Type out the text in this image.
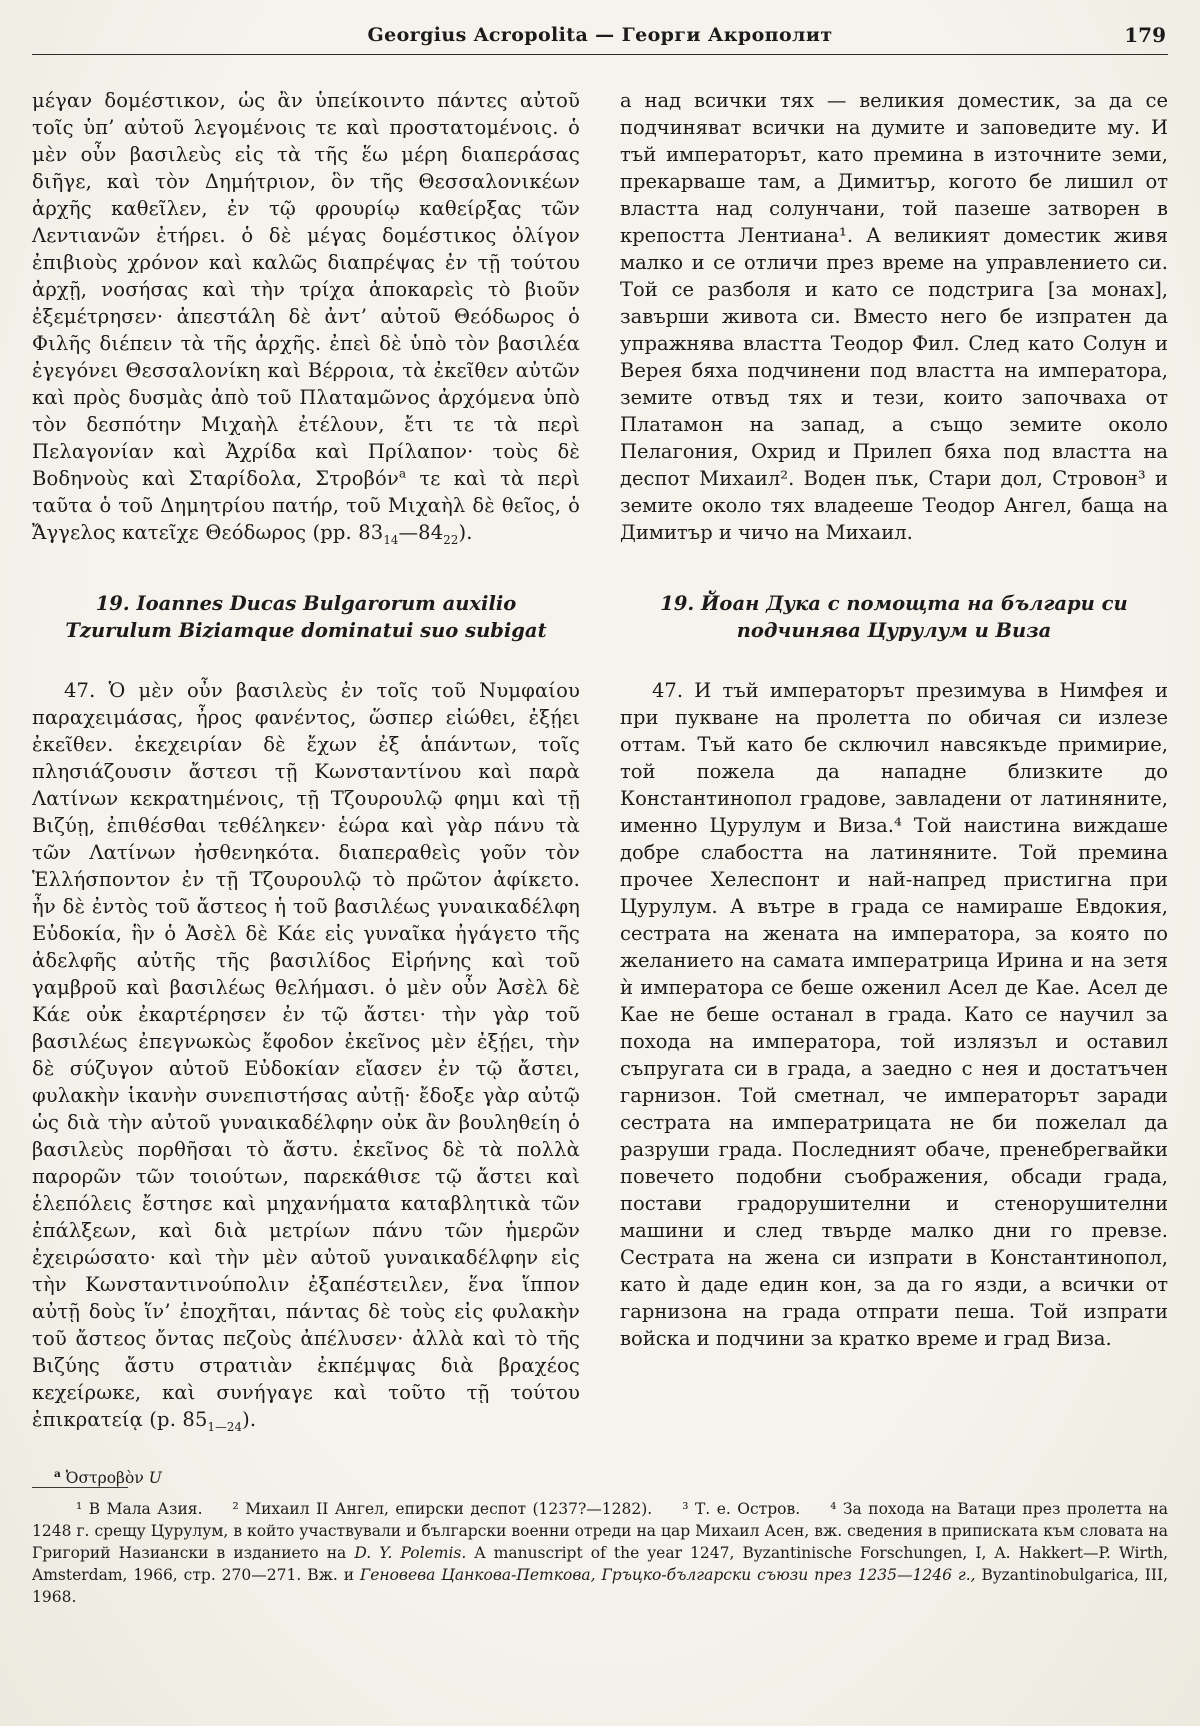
Georgius Acropolita — Георги Акрополит	179

μέγαν δομέστικον, ὡς ἂν ὑπείκοιντο πάντες αὐτοῦ τοῖς ὑπ’ αὐτοῦ λεγομένοις τε καὶ προστατομένοις. ὁ μὲν οὖν βασιλεὺς εἰς τὰ τῆς ἕω μέρη διαπεράσας διῆγε, καὶ τὸν Δημήτριον, ὃν τῆς Θεσσαλονικέων ἀρχῆς καθεῖλεν, ἐν τῷ φρουρίῳ καθείρξας τῶν Λεντιανῶν ἐτήρει. ὁ δὲ μέγας δομέστικος ὀλίγον ἐπιβιοὺς χρόνον καὶ καλῶς διαπρέψας ἐν τῇ τούτου ἀρχῇ, νοσήσας καὶ τὴν τρίχα ἀποκαρεὶς τὸ βιοῦν ἐξεμέτρησεν· ἀπεστάλη δὲ ἀντ’ αὐτοῦ Θεόδωρος ὁ Φιλῆς διέπειν τὰ τῆς ἀρχῆς. ἐπεὶ δὲ ὑπὸ τὸν βασιλέα ἐγεγόνει Θεσσαλονίκη καὶ Βέρροια, τὰ ἐκεῖθεν αὐτῶν καὶ πρὸς δυσμὰς ἀπὸ τοῦ Πλαταμῶνος ἀρχόμενα ὑπὸ τὸν δεσπότην Μιχαὴλ ἐτέλουν, ἔτι τε τὰ περὶ Πελαγονίαν καὶ Ἀχρίδα καὶ Πρίλαπον· τοὺς δὲ Βοδηνοὺς καὶ Σταρίδολα, Στροβόν$^a$ τε καὶ τὰ περὶ ταῦτα ὁ τοῦ Δημητρίου πατήρ, τοῦ Μιχαὴλ δὲ θεῖος, ὁ Ἄγγελος κατεῖχε Θεόδωρος (pp. $83_{14}—84_{22}$).

а над всички тях — великия доместик, за да се подчиняват всички на думите и заповедите му. И тъй императорът, като премина в източните земи, прекарваше там, а Димитър, когото бе лишил от властта над солунчани, той пазеше затворен в крепостта Лентиана¹. А великият доместик живя малко и се отличи през време на управлението си. Той се разболя и като се подстрига [за монах], завърши живота си. Вместо него бе изпратен да упражнява властта Теодор Фил. След като Солун и Верея бяха подчинени под властта на императора, земите отвъд тях и тези, които започваха от Платамон на запад, а също земите около Пелагония, Охрид и Прилеп бяха под властта на деспот Михаил². Воден пък, Стари дол, Стровон³ и земите около тях владееше Теодор Ангел, баща на Димитър и чичо на Михаил.

19. Ioannes Ducas Bulgarorum auxilio Tzurulum Biziamque dominatui suo subigat
19. Йоан Дука с помощта на българи си подчинява Цурулум и Виза

47. Ὁ μὲν οὖν βασιλεὺς ἐν τοῖς τοῦ Νυμφαίου παραχειμάσας, ἦρος φανέντος, ὥσπερ εἰώθει, ἐξῄει ἐκεῖθεν. ἐκεχειρίαν δὲ ἔχων ἐξ ἁπάντων, τοῖς πλησιάζουσιν ἄστεσι τῇ Κωνσταντίνου καὶ παρὰ Λατίνων κεκρατημένοις, τῇ Τζουρουλῷ φημι καὶ τῇ Βιζύῃ, ἐπιθέσθαι τεθέληκεν· ἑώρα καὶ γὰρ πάνυ τὰ τῶν Λατίνων ἠσθενηκότα. διαπεραθεὶς γοῦν τὸν Ἑλλήσποντον ἐν τῇ Τζουρουλῷ τὸ πρῶτον ἀφίκετο. ἦν δὲ ἐντὸς τοῦ ἄστεος ἡ τοῦ βασιλέως γυναικαδέλφη Εὐδοκία, ἣν ὁ Ἀσὲλ δὲ Κάε εἰς γυναῖκα ἠγάγετο τῆς ἀδελφῆς αὐτῆς τῆς βασιλίδος Εἰρήνης καὶ τοῦ γαμβροῦ καὶ βασιλέως θελήμασι. ὁ μὲν οὖν Ἀσὲλ δὲ Κάε οὐκ ἐκαρτέρησεν ἐν τῷ ἄστει· τὴν γὰρ τοῦ βασιλέως ἐπεγνωκὼς ἔφοδον ἐκεῖνος μὲν ἐξῄει, τὴν δὲ σύζυγον αὐτοῦ Εὐδοκίαν εἴασεν ἐν τῷ ἄστει, φυλακὴν ἱκανὴν συνεπιστήσας αὐτῇ· ἔδοξε γὰρ αὐτῷ ὡς διὰ τὴν αὐτοῦ γυναικαδέλφην οὐκ ἂν βουληθείη ὁ βασιλεὺς πορθῆσαι τὸ ἄστυ. ἐκεῖνος δὲ τὰ πολλὰ παρορῶν τῶν τοιούτων, παρεκάθισε τῷ ἄστει καὶ ἑλεπόλεις ἔστησε καὶ μηχανήματα καταβλητικὰ τῶν ἐπάλξεων, καὶ διὰ μετρίων πάνυ τῶν ἡμερῶν ἐχειρώσατο· καὶ τὴν μὲν αὐτοῦ γυναικαδέλφην εἰς τὴν Κωνσταντινούπολιν ἐξαπέστειλεν, ἕνα ἵππον αὐτῇ δοὺς ἵν’ ἐποχῆται, πάντας δὲ τοὺς εἰς φυλακὴν τοῦ ἄστεος ὄντας πεζοὺς ἀπέλυσεν· ἀλλὰ καὶ τὸ τῆς Βιζύης ἄστυ στρατιὰν ἐκπέμψας διὰ βραχέος κεχείρωκε, καὶ συνήγαγε καὶ τοῦτο τῇ τούτου ἐπικρατείᾳ (p. $85_{1—24}$).

$^a$ Ὀστροβὸν U

47. И тъй императорът презимува в Нимфея и при пукване на пролетта по обичая си излезе оттам. Тъй като бе сключил навсякъде примирие, той пожела да нападне близките до Константинопол градове, завладени от латиняните, именно Цурулум и Виза.⁴ Той наистина виждаше добре слабостта на латиняните. Той премина прочее Хелеспонт и най-напред пристигна при Цурулум. А вътре в града се намираше Евдокия, сестрата на жената на императора, за която по желанието на самата императрица Ирина и на зетя ѝ императора се беше оженил Асел де Кае. Асел де Кае не беше останал в града. Като се научил за похода на императора, той излязъл и оставил съпругата си в града, а заедно с нея и достатъчен гарнизон. Той сметнал, че императорът заради сестрата на императрицата не би пожелал да разруши града. Последният обаче, пренебрегвайки повечето подобни съображения, обсади града, постави градорушителни и стенорушителни машини и след твърде малко дни го превзе. Сестрата на жена си изпрати в Константинопол, като ѝ даде един кон, за да го язди, а всички от гарнизона на града отпрати пеша. Той изпрати войска и подчини за кратко време и град Виза.

¹ В Мала Азия. ² Михаил II Ангел, епирски деспот (1237?—1282). ³ Т. е. Остров. ⁴ За похода на Ватаци през пролетта на 1248 г. срещу Цурулум, в който участвували и български военни отреди на цар Михаил Асен, вж. сведения в приписката към словата на Григорий Назиански в изданието на D. Y. Polemis. A manuscript of the year 1247, Byzantinische Forschungen, I, A. Hakkert—P. Wirth, Amsterdam, 1966, стр. 270—271. Вж. и Геновева Цанкова-Петкова, Гръцко-български съюзи през 1235—1246 г., Byzantinobulgarica, III, 1968.
